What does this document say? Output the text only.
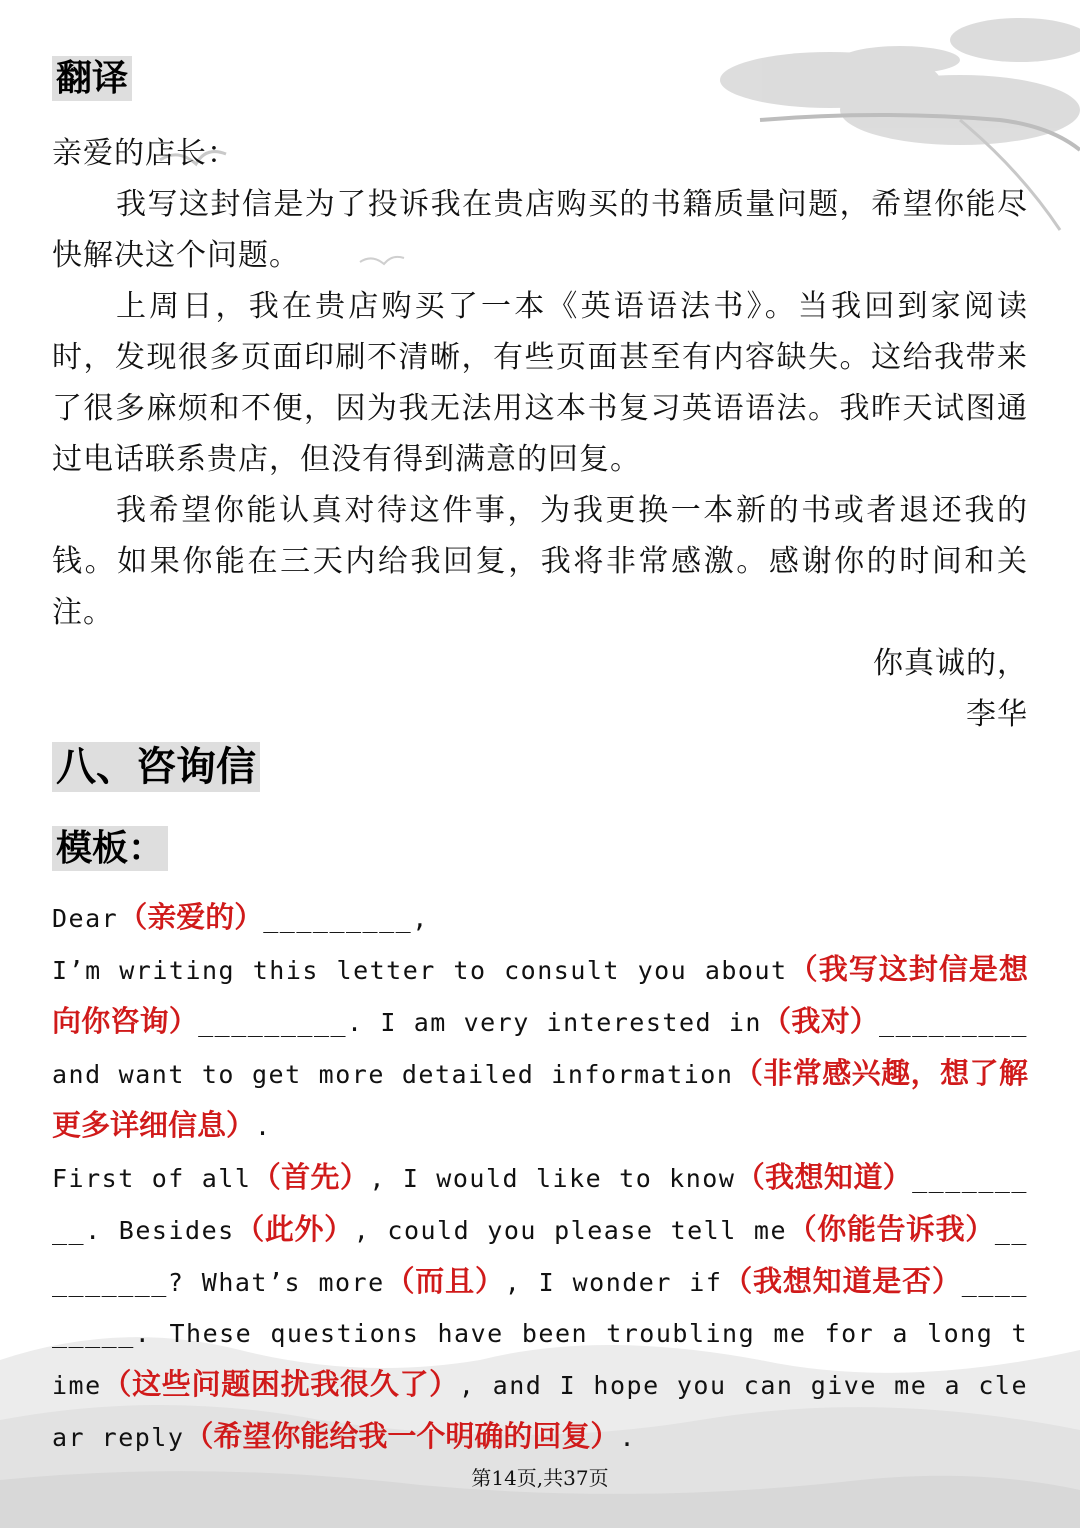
翻译

亲爱的店长：

我写这封信是为了投诉我在贵店购买的书籍质量问题，希望你能尽快解决这个问题。

上周日，我在贵店购买了一本《英语语法书》。当我回到家阅读时，发现很多页面印刷不清晰，有些页面甚至有内容缺失。这给我带来了很多麻烦和不便，因为我无法用这本书复习英语语法。我昨天试图通过电话联系贵店，但没有得到满意的回复。

我希望你能认真对待这件事，为我更换一本新的书或者退还我的钱。如果你能在三天内给我回复，我将非常感激。感谢你的时间和关注。

你真诚的，

李华

八、咨询信
模板：

Dear（亲爱的）_________,

I’m writing this letter to consult you about（我写这封信是想向你咨询）_________. I am very interested in（我对）_________ and want to get more detailed information（非常感兴趣，想了解更多详细信息）.

First of all（首先）, I would like to know（我想知道）_________. Besides（此外）, could you please tell me（你能告诉我）_________? What’s more（而且）, I wonder if（我想知道是否）_________. These questions have been troubling me for a long time（这些问题困扰我很久了）, and I hope you can give me a clear reply（希望你能给我一个明确的回复）.

第14页,共37页
